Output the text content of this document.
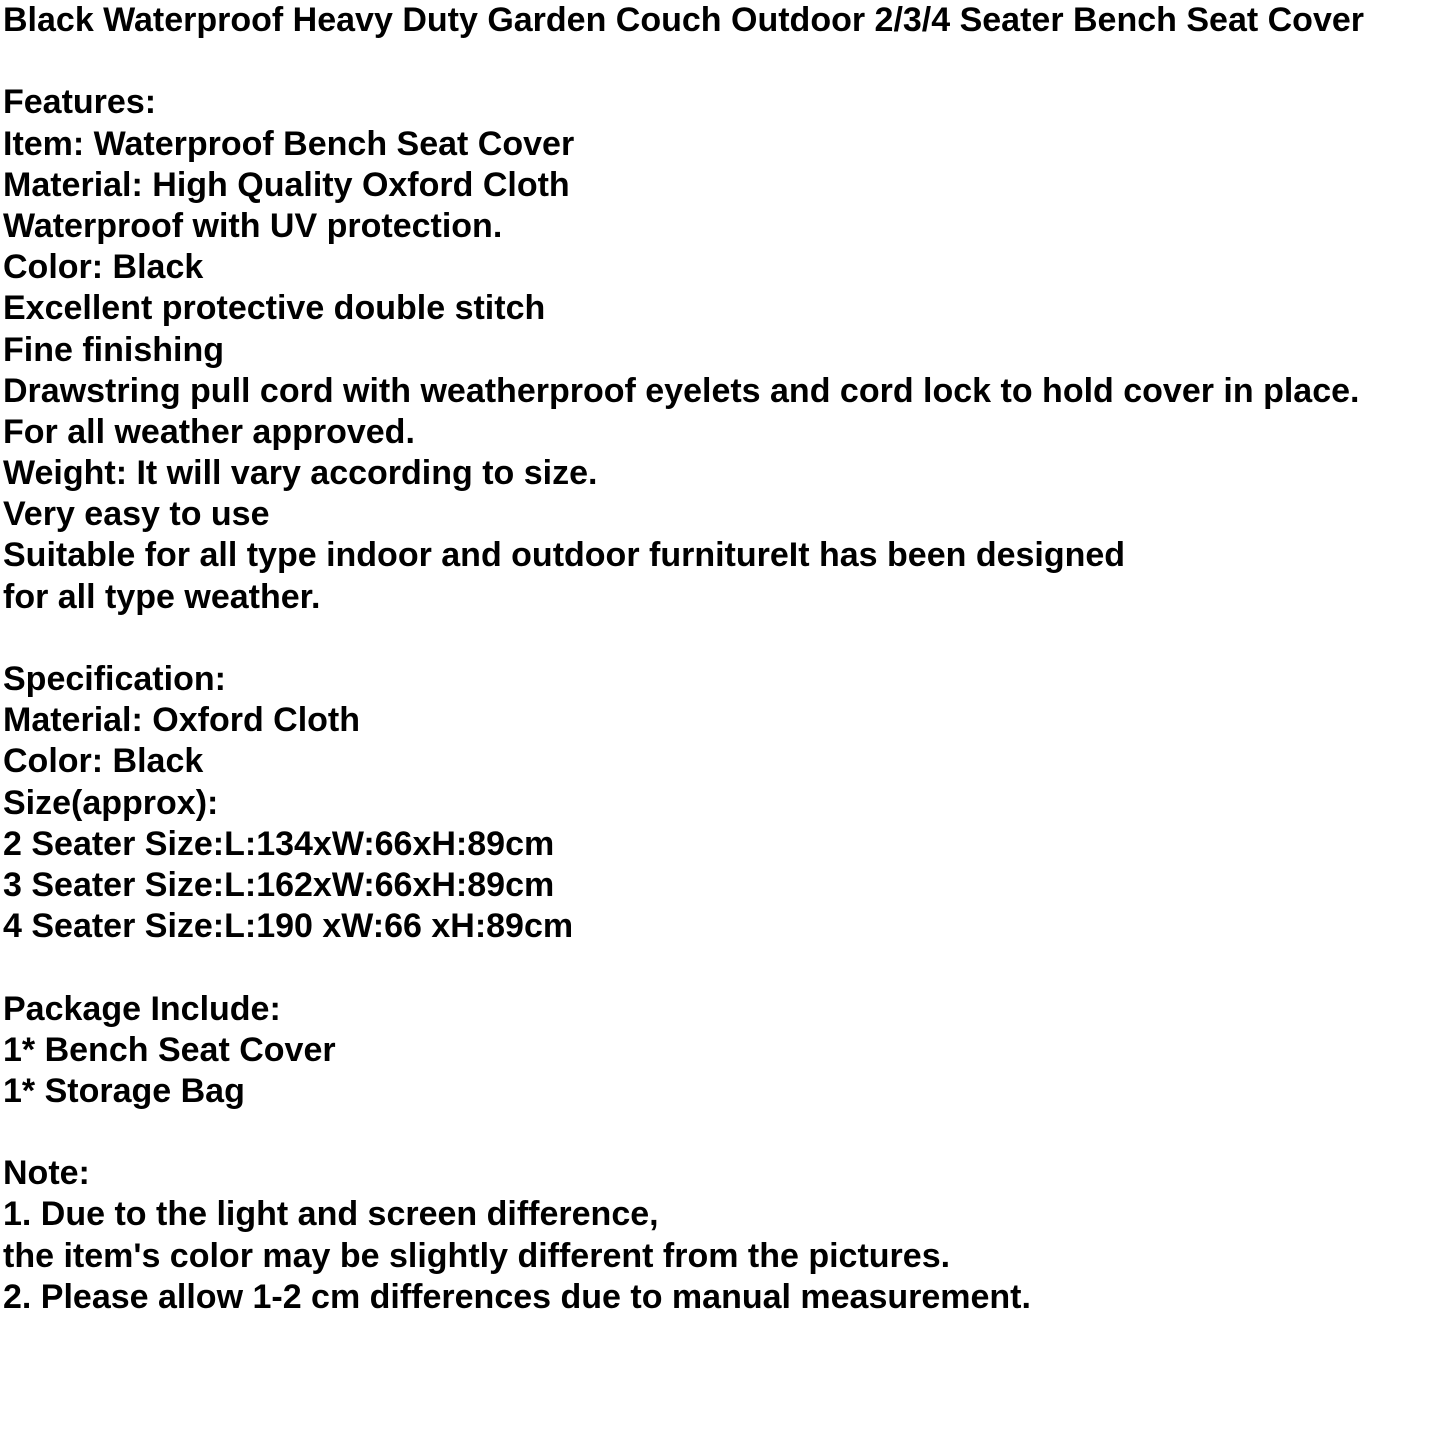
Black Waterproof Heavy Duty Garden Couch Outdoor 2/3/4 Seater Bench Seat Cover
Features:
Item: Waterproof Bench Seat Cover
Material: High Quality Oxford Cloth
Waterproof with UV protection.
Color: Black
Excellent protective double stitch
Fine finishing
Drawstring pull cord with weatherproof eyelets and cord lock to hold cover in place.
For all weather approved.
Weight: It will vary according to size.
Very easy to use
Suitable for all type indoor and outdoor furnitureIt has been designed
for all type weather.
Specification:
Material: Oxford Cloth
Color: Black
Size(approx):
2 Seater Size:L:134xW:66xH:89cm
3 Seater Size:L:162xW:66xH:89cm
4 Seater Size:L:190 xW:66 xH:89cm
Package Include:
1* Bench Seat Cover
1* Storage Bag
Note:
1. Due to the light and screen difference,
the item's color may be slightly different from the pictures.
2. Please allow 1-2 cm differences due to manual measurement.
